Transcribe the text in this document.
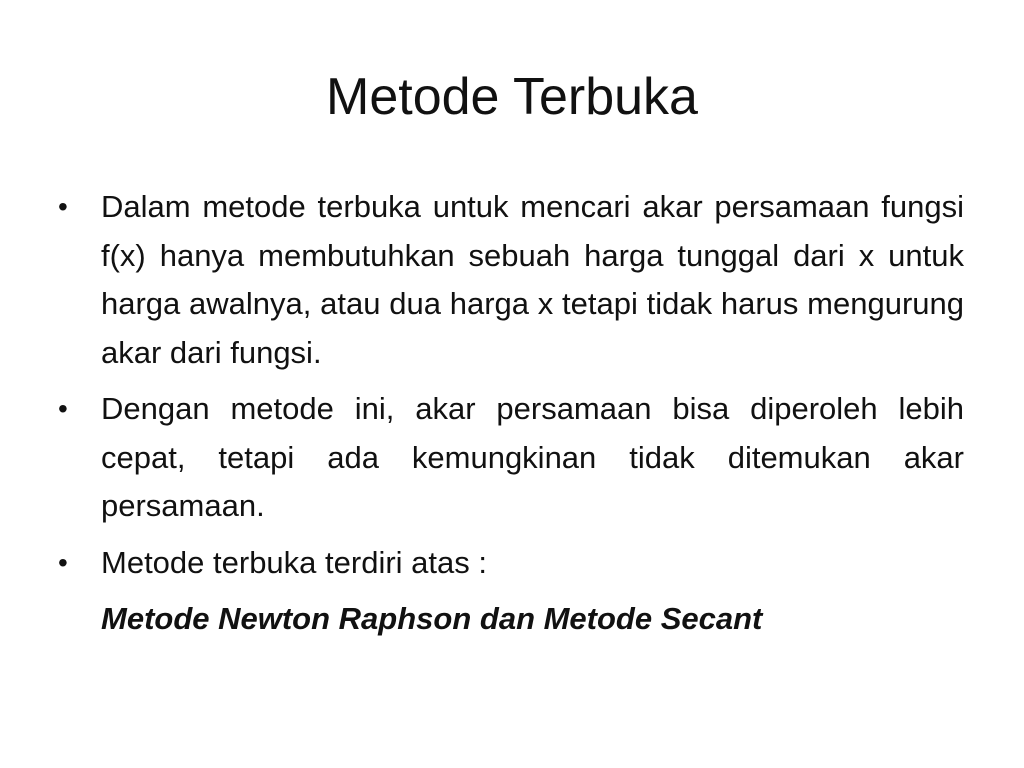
Metode Terbuka
•	Dalam metode terbuka untuk mencari akar persamaan fungsi f(x) hanya membutuhkan sebuah harga tunggal dari x untuk harga awalnya, atau dua harga x tetapi tidak harus mengurung akar dari fungsi.
•	Dengan metode ini, akar persamaan bisa diperoleh lebih cepat, tetapi ada kemungkinan tidak ditemukan akar persamaan.
•	Metode terbuka terdiri atas :
Metode Newton Raphson dan Metode Secant
